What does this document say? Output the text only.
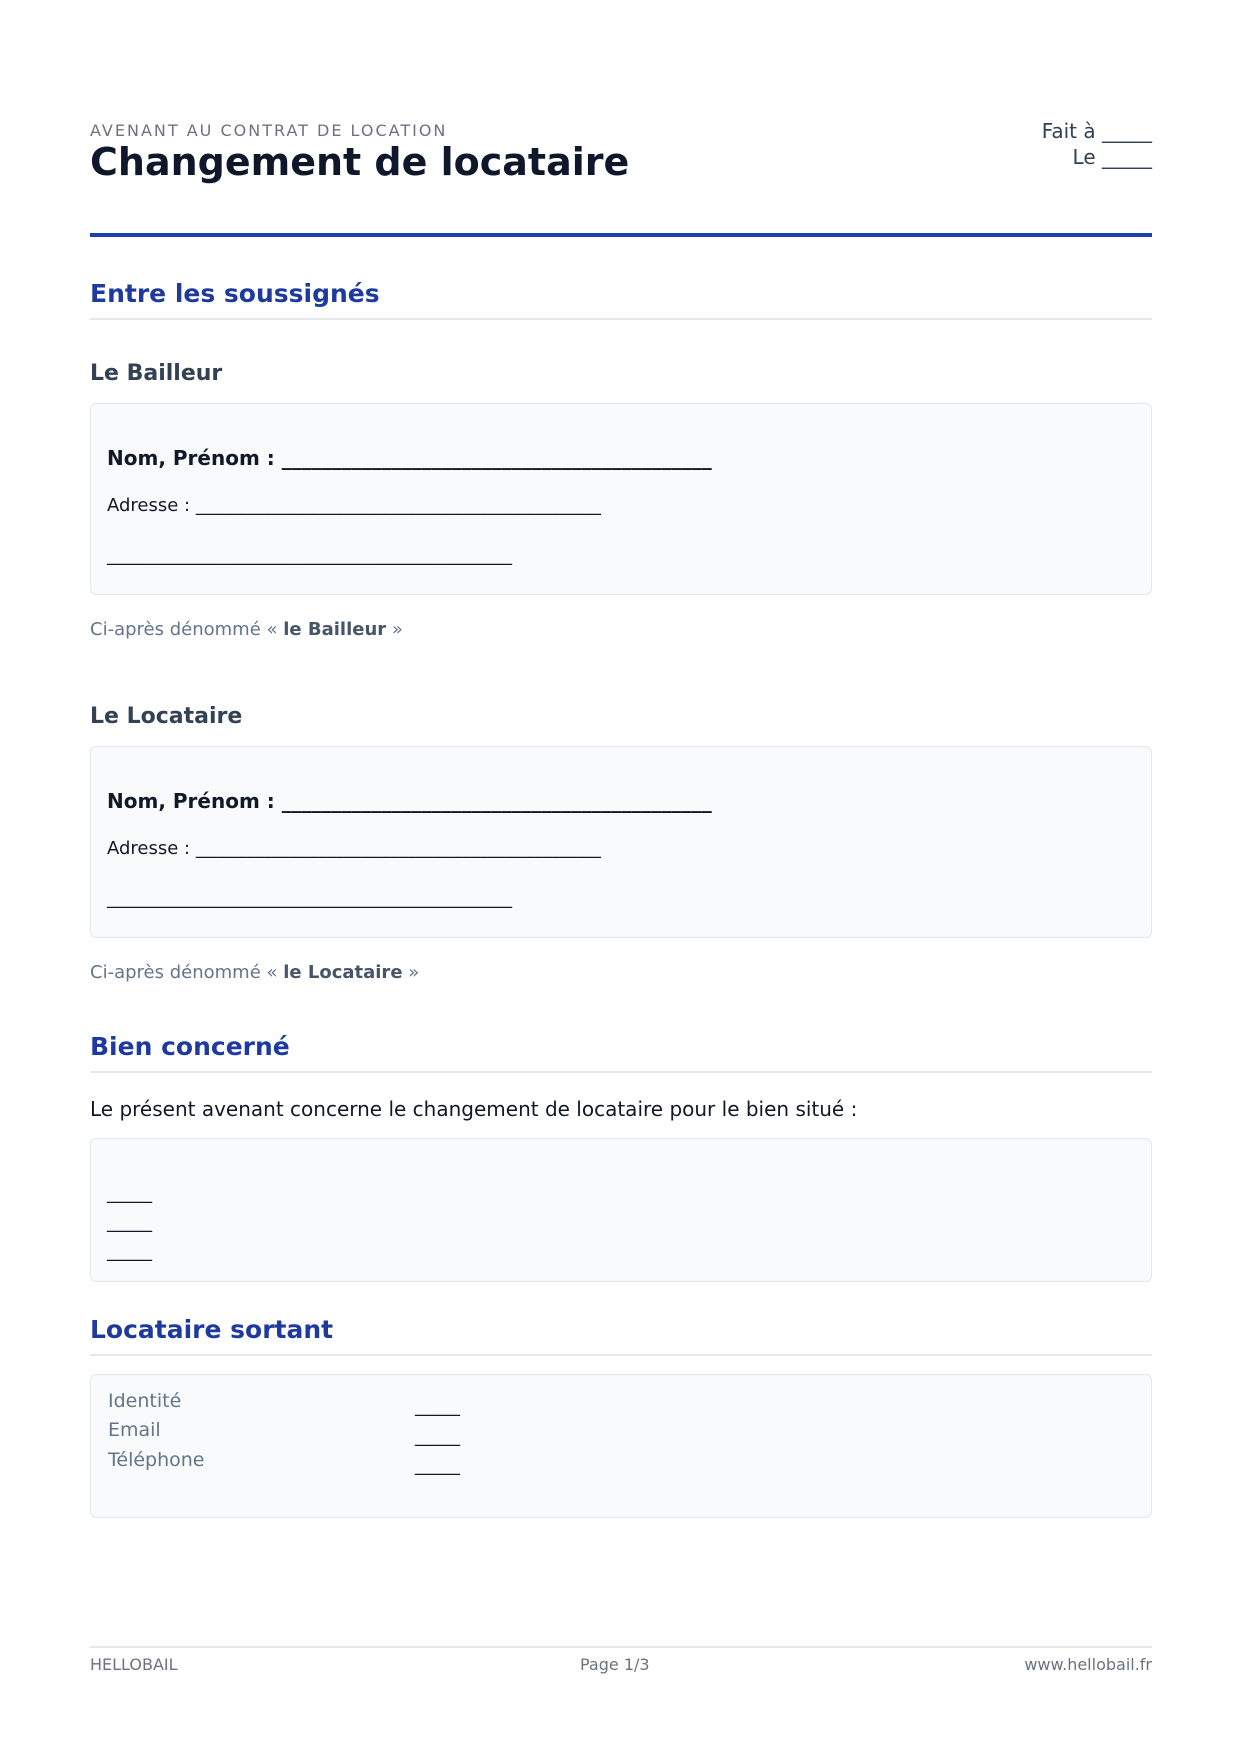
AVENANT AU CONTRAT DE LOCATION
Changement de locataire
Fait à _____
Le _____
Entre les soussignés
Le Bailleur
Nom, Prénom : ___________________________________________
Adresse : _____________________________________________
_____________________________________________
Ci-après dénommé « le Bailleur »
Le Locataire
Nom, Prénom : ___________________________________________
Adresse : _____________________________________________
_____________________________________________
Ci-après dénommé « le Locataire »
Bien concerné
Le présent avenant concerne le changement de locataire pour le bien situé :
_____
_____
_____
Locataire sortant
Identité	_____
Email	_____
Téléphone	_____
HELLOBAIL	Page 1/3	www.hellobail.fr
